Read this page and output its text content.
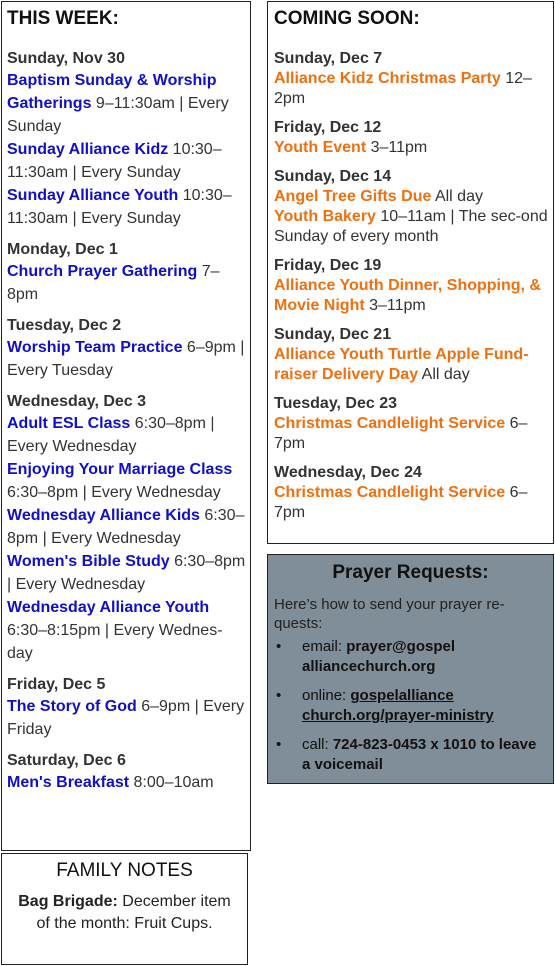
THIS WEEK:
Sunday, Nov 30
Baptism Sunday & Worship Gatherings 9–11:30am | Every Sunday
Sunday Alliance Kidz 10:30–11:30am | Every Sunday
Sunday Alliance Youth 10:30–11:30am | Every Sunday
Monday, Dec 1
Church Prayer Gathering 7–8pm
Tuesday, Dec 2
Worship Team Practice 6–9pm | Every Tuesday
Wednesday, Dec 3
Adult ESL Class 6:30–8pm | Every Wednesday
Enjoying Your Marriage Class 6:30–8pm | Every Wednesday
Wednesday Alliance Kids 6:30–8pm | Every Wednesday
Women's Bible Study 6:30–8pm | Every Wednesday
Wednesday Alliance Youth 6:30–8:15pm | Every Wednes-day
Friday, Dec 5
The Story of God 6–9pm | Every Friday
Saturday, Dec 6
Men's Breakfast 8:00–10am
COMING SOON:
Sunday, Dec 7
Alliance Kidz Christmas Party 12–2pm
Friday, Dec 12
Youth Event 3–11pm
Sunday, Dec 14
Angel Tree Gifts Due All day
Youth Bakery 10–11am | The sec-ond Sunday of every month
Friday, Dec 19
Alliance Youth Dinner, Shopping, & Movie Night 3–11pm
Sunday, Dec 21
Alliance Youth Turtle Apple Fund-raiser Delivery Day All day
Tuesday, Dec 23
Christmas Candlelight Service 6–7pm
Wednesday, Dec 24
Christmas Candlelight Service 6–7pm
Prayer Requests:
Here’s how to send your prayer re-quests:
• email: prayer@gospel alliancechurch.org
• online: gospelalliance church.org/prayer-ministry
• call: 724-823-0453 x 1010 to leave a voicemail
FAMILY NOTES
Bag Brigade: December item of the month: Fruit Cups.
